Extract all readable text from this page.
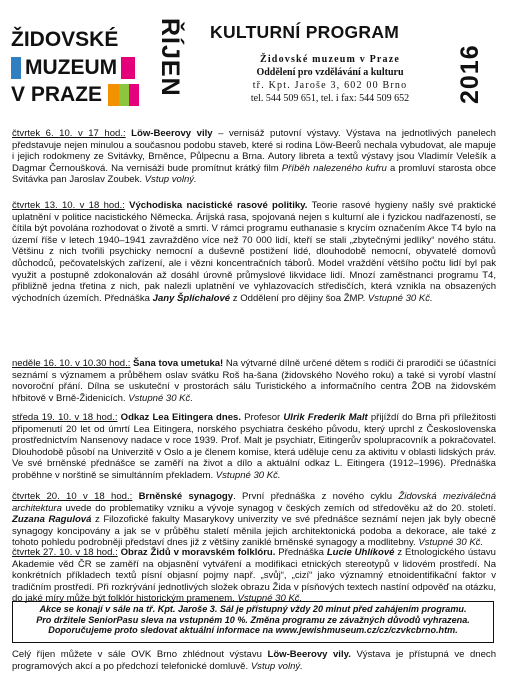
ŽIDOVSKÉ
MUZEUM
V PRAZE ŘÍJEN KULTURNÍ PROGRAM
Židovské muzeum v Praze
Oddělení pro vzdělávání a kulturu
tř. Kpt. Jaroše 3, 602 00 Brno
tel. 544 509 651, tel. i fax: 544 509 652	2016
čtvrtek 6. 10. v 17 hod.: Löw-Beerovy vily – vernisáž putovní výstavy. Výstava na jednotlivých panelech představuje nejen minulou a současnou podobu staveb, které si rodina Löw-Beerů nechala vybudovat, ale mapuje i jejich rodokmeny ze Svitávky, Brněnce, Půlpecnu a Brna. Autory libreta a textů výstavy jsou Vladimír Velešík a Dagmar Černoušková. Na vernisáži bude promítnut krátký film Příběh nalezeného kufru a promluví starosta obce Svitávka pan Jaroslav Zoubek. Vstup volný.
čtvrtek 13. 10. v 18 hod.: Východiska nacistické rasové politiky. Teorie rasové hygieny našly své praktické uplatnění v politice nacistického Německa. Árijská rasa, spojovaná nejen s kulturní ale i fyzickou nadřazeností, se čítila být povolána rozhodovat o životě a smrti. V rámci programu euthanasie s krycím označením Akce T4 bylo na území říše v letech 1940–1941 zavražděno více než 70 000 lidí, kteří se stali „zbytečnými jedlíky“ nového státu. Většinu z nich tvořili psychicky nemocní a duševně postižení lidé, dlouhodobě nemocní, obyvatelé domovů důchodců, pečovatelských zařízení, ale i vězni koncentračních táborů. Model vraždění většího počtu lidí byl pak využit a postupně zdokonalován až dosáhl úrovně průmyslové likvidace lidí. Mnozí zaměstnanci programu T4, přibližně jedna třetina z nich, pak nalezli uplatnění ve vyhlazovacích středisčích, která vznikla na obsazených východních územích. Přednáška Jany Šplíchalové z Oddělení pro dějiny šoa ŽMP. Vstupné 30 Kč.
neděle 16. 10. v 10.30 hod.: Šana tova umetuka! Na výtvarné dílně určené dětem s rodiči či prarodiči se účastníci seznámí s významem a průběhem oslav svátku Roš ha-šana (židovského Nového roku) a také si vyrobí vlastní novoroční přání. Dílna se uskuteční v prostorách sálu Turistického a informačního centra ŽOB na židovském hřbitově v Brně-Židenicích. Vstupné 30 Kč.
středa 19. 10. v 18 hod.: Odkaz Lea Eitingera dnes. Profesor Ulrik Frederik Malt přijíždí do Brna při příležitosti připomenutí 20 let od úmrtí Lea Eitingera, norského psychiatra českého původu, který uprchl z Československa prostřednictvím Nansenovy nadace v roce 1939. Prof. Malt je psychiatr, Eitingerův spolupracovník a pokračovatel. Dlouhodobě působí na Univerzitě v Oslo a je členem komise, která uděluje cenu za aktivitu v oblasti lidských práv. Ve své brněnské přednášce se zaměří na život a dílo a aktuální odkaz L. Eitingera (1912–1996). Přednáška proběhne v norštině se simultánním překladem. Vstupné 30 Kč.
čtvrtek 20. 10 v 18 hod.: Brněnské synagogy. První přednáška z nového cyklu Židovská meziválečná architektura uvede do problematiky vzniku a vývoje synagog v českých zemích od středověku až do 20. století. Zuzana Ragulová z Filozofické fakulty Masarykovy univerzity ve své přednášce seznámí nejen jak byly obecně synagogy koncipovány a jak se v průběhu staletí měnila jejich architektonická podoba a dekorace, ale také z tohoto pohledu podrobněji představí dnes již z většiny zaniklé brněnské synagogy a modlitebny. Vstupné 30 Kč.
čtvrtek 27. 10. v 18 hod.: Obraz Židů v moravském folklóru. Přednáška Lucie Uhlíkové z Etnologického ústavu Akademie věd ČR se zaměří na objasnění vytváření a modifikaci etnických stereotypů v lidovém prostředí. Na konkrétních příkladech textů písní objasní pojmy např. „svůj“, „cizí“ jako významný etnoidentifikační faktor v tradičním prostředí. Při rozkrývání jednotlivých složek obrazu Žida v písňových textech nastíní odpověď na otázku, do jaké míry může být folklór historickým pramenem. Vstupné 30 Kč.
Akce se konají v sále na tř. Kpt. Jaroše 3. Sál je přístupný vždy 20 minut před zahájením programu.
Pro držitele SeniorPasu sleva na vstupném 10 %. Změna programu ze závažných důvodů vyhrazena.
Doporučujeme proto sledovat aktuální informace na www.jewishmuseum.cz/cz/czvkcbrno.htm.
Celý říjen můžete v sále OVK Brno zhlédnout výstavu Löw-Beerovy vily. Výstava je přístupná ve dnech programových akcí a po předchozí telefonické domluvě. Vstup volný.
